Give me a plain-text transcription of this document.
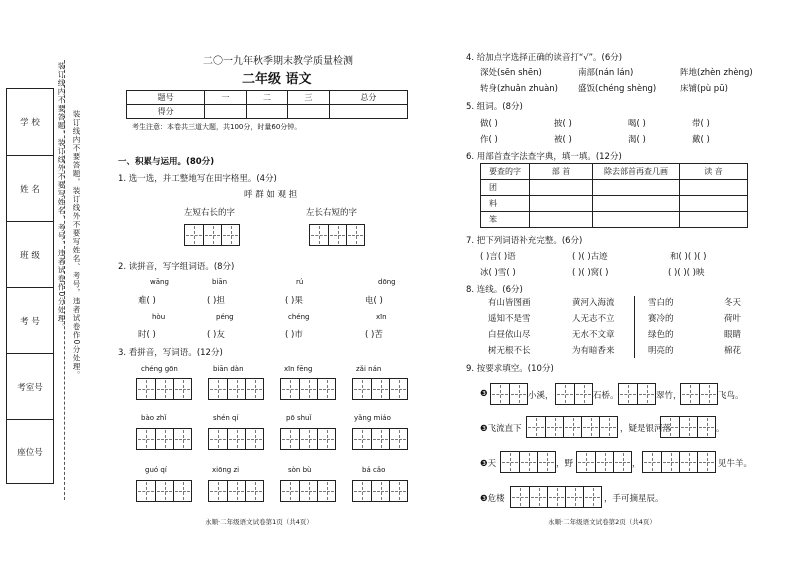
学 校
姓 名
班 级
考 号
考室号
座位号
装订线内不要答题，装订线外不要写姓名、考号，违者试卷作0分处理。 装订线内不要答题，装订线外不要写姓名、考号，违者试卷作0分处理。
二〇一九年秋季期末教学质量检测
二年级 语文
题号	一	二	三	总分
得分				
考生注意：本卷共三道大题，共100分，时量60分钟。
一、积累与运用。(80分)
1. 选一选，并工整地写在田字格里。(4分)
呼 群 如 观 担
左短右长的字	左长右短的字
2. 读拼音，写字组词语。(8分)
wāng	biān	rú	dōng
难( )	( )担	( )果	电( )
hòu	péng	chéng	xīn
时( )	( )友	( )市	( )苦
3. 看拼音，写词语。(12分)
chéng gōn	biān dàn	xīn fēng	zǎi nán
bào zhǐ	shén qí	pō shuǐ	yǎng miáo
guó qí	xiōng zi	sòn bù	bá cǎo
永顺·二年级语文试卷第1页（共4页）
4. 给加点字选择正确的读音打“√”。(6分)
深处(sēn shēn)	南部(nán lán)	阵地(zhèn zhèng)
转身(zhuǎn zhuàn) 盛饭(chéng shèng)	床铺(pù pū)
5. 组词。(8分)
做( )	披( )	喝( )	带( )
作( )	被( )	渴( )	戴( )
6. 用部首查字法查字典，填一填。(12分)
要查的字	部 首	除去部首再查几画	读 音
团			
料			
笨			
7. 把下列词语补充完整。(6分)
( )言( )语	( )( )古迹	和( )( )( )
冰( )雪( )	( )( )窝( )	( )( )( )映
8. 连线。(6分)
有山皆图画
遥知不是雪
白昼依山尽
树无根不长
黄河入海流
人无志不立
无水不文章
为有暗香来
雪白的
赛冷的
绿色的
明亮的
冬天
荷叶
眼睛
棉花
9. 按要求填空。(10分)
❸	小溪，	石桥。	翠竹，	飞鸟。
❸飞流直下	，疑是银河落	。
❸天	，野	，	见牛羊。
❸危楼	，手可摘星辰。
永顺·二年级语文试卷第2页（共4页）
